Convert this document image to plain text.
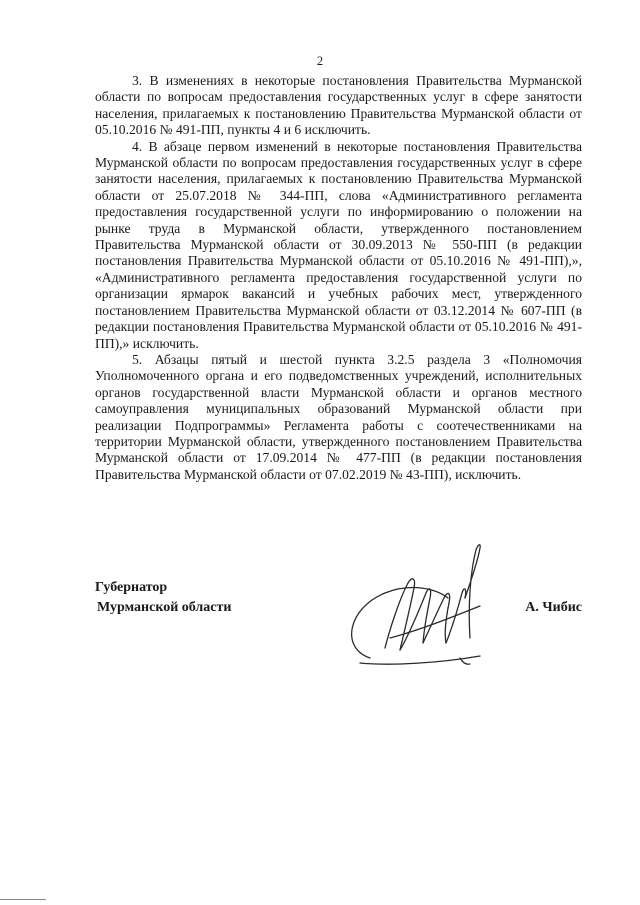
2

3. В изменениях в некоторые постановления Правительства Мурманской области по вопросам предоставления государственных услуг в сфере занятости населения, прилагаемых к постановлению Правительства Мурманской области от 05.10.2016 № 491-ПП, пункты 4 и 6 исключить.

4. В абзаце первом изменений в некоторые постановления Правительства Мурманской области по вопросам предоставления государственных услуг в сфере занятости населения, прилагаемых к постановлению Правительства Мурманской области от 25.07.2018 № 344-ПП, слова «Административного регламента предоставления государственной услуги по информированию о положении на рынке труда в Мурманской области, утвержденного постановлением Правительства Мурманской области от 30.09.2013 № 550-ПП (в редакции постановления Правительства Мурманской области от 05.10.2016 № 491-ПП),», «Административного регламента предоставления государственной услуги по организации ярмарок вакансий и учебных рабочих мест, утвержденного постановлением Правительства Мурманской области от 03.12.2014 № 607-ПП (в редакции постановления Правительства Мурманской области от 05.10.2016 № 491-ПП),» исключить.

5. Абзацы пятый и шестой пункта 3.2.5 раздела 3 «Полномочия Уполномоченного органа и его подведомственных учреждений, исполнительных органов государственной власти Мурманской области и органов местного самоуправления муниципальных образований Мурманской области при реализации Подпрограммы» Регламента работы с соотечественниками на территории Мурманской области, утвержденного постановлением Правительства Мурманской области от 17.09.2014 № 477-ПП (в редакции постановления Правительства Мурманской области от 07.02.2019 № 43-ПП), исключить.

Губернатор
Мурманской области	А. Чибис
